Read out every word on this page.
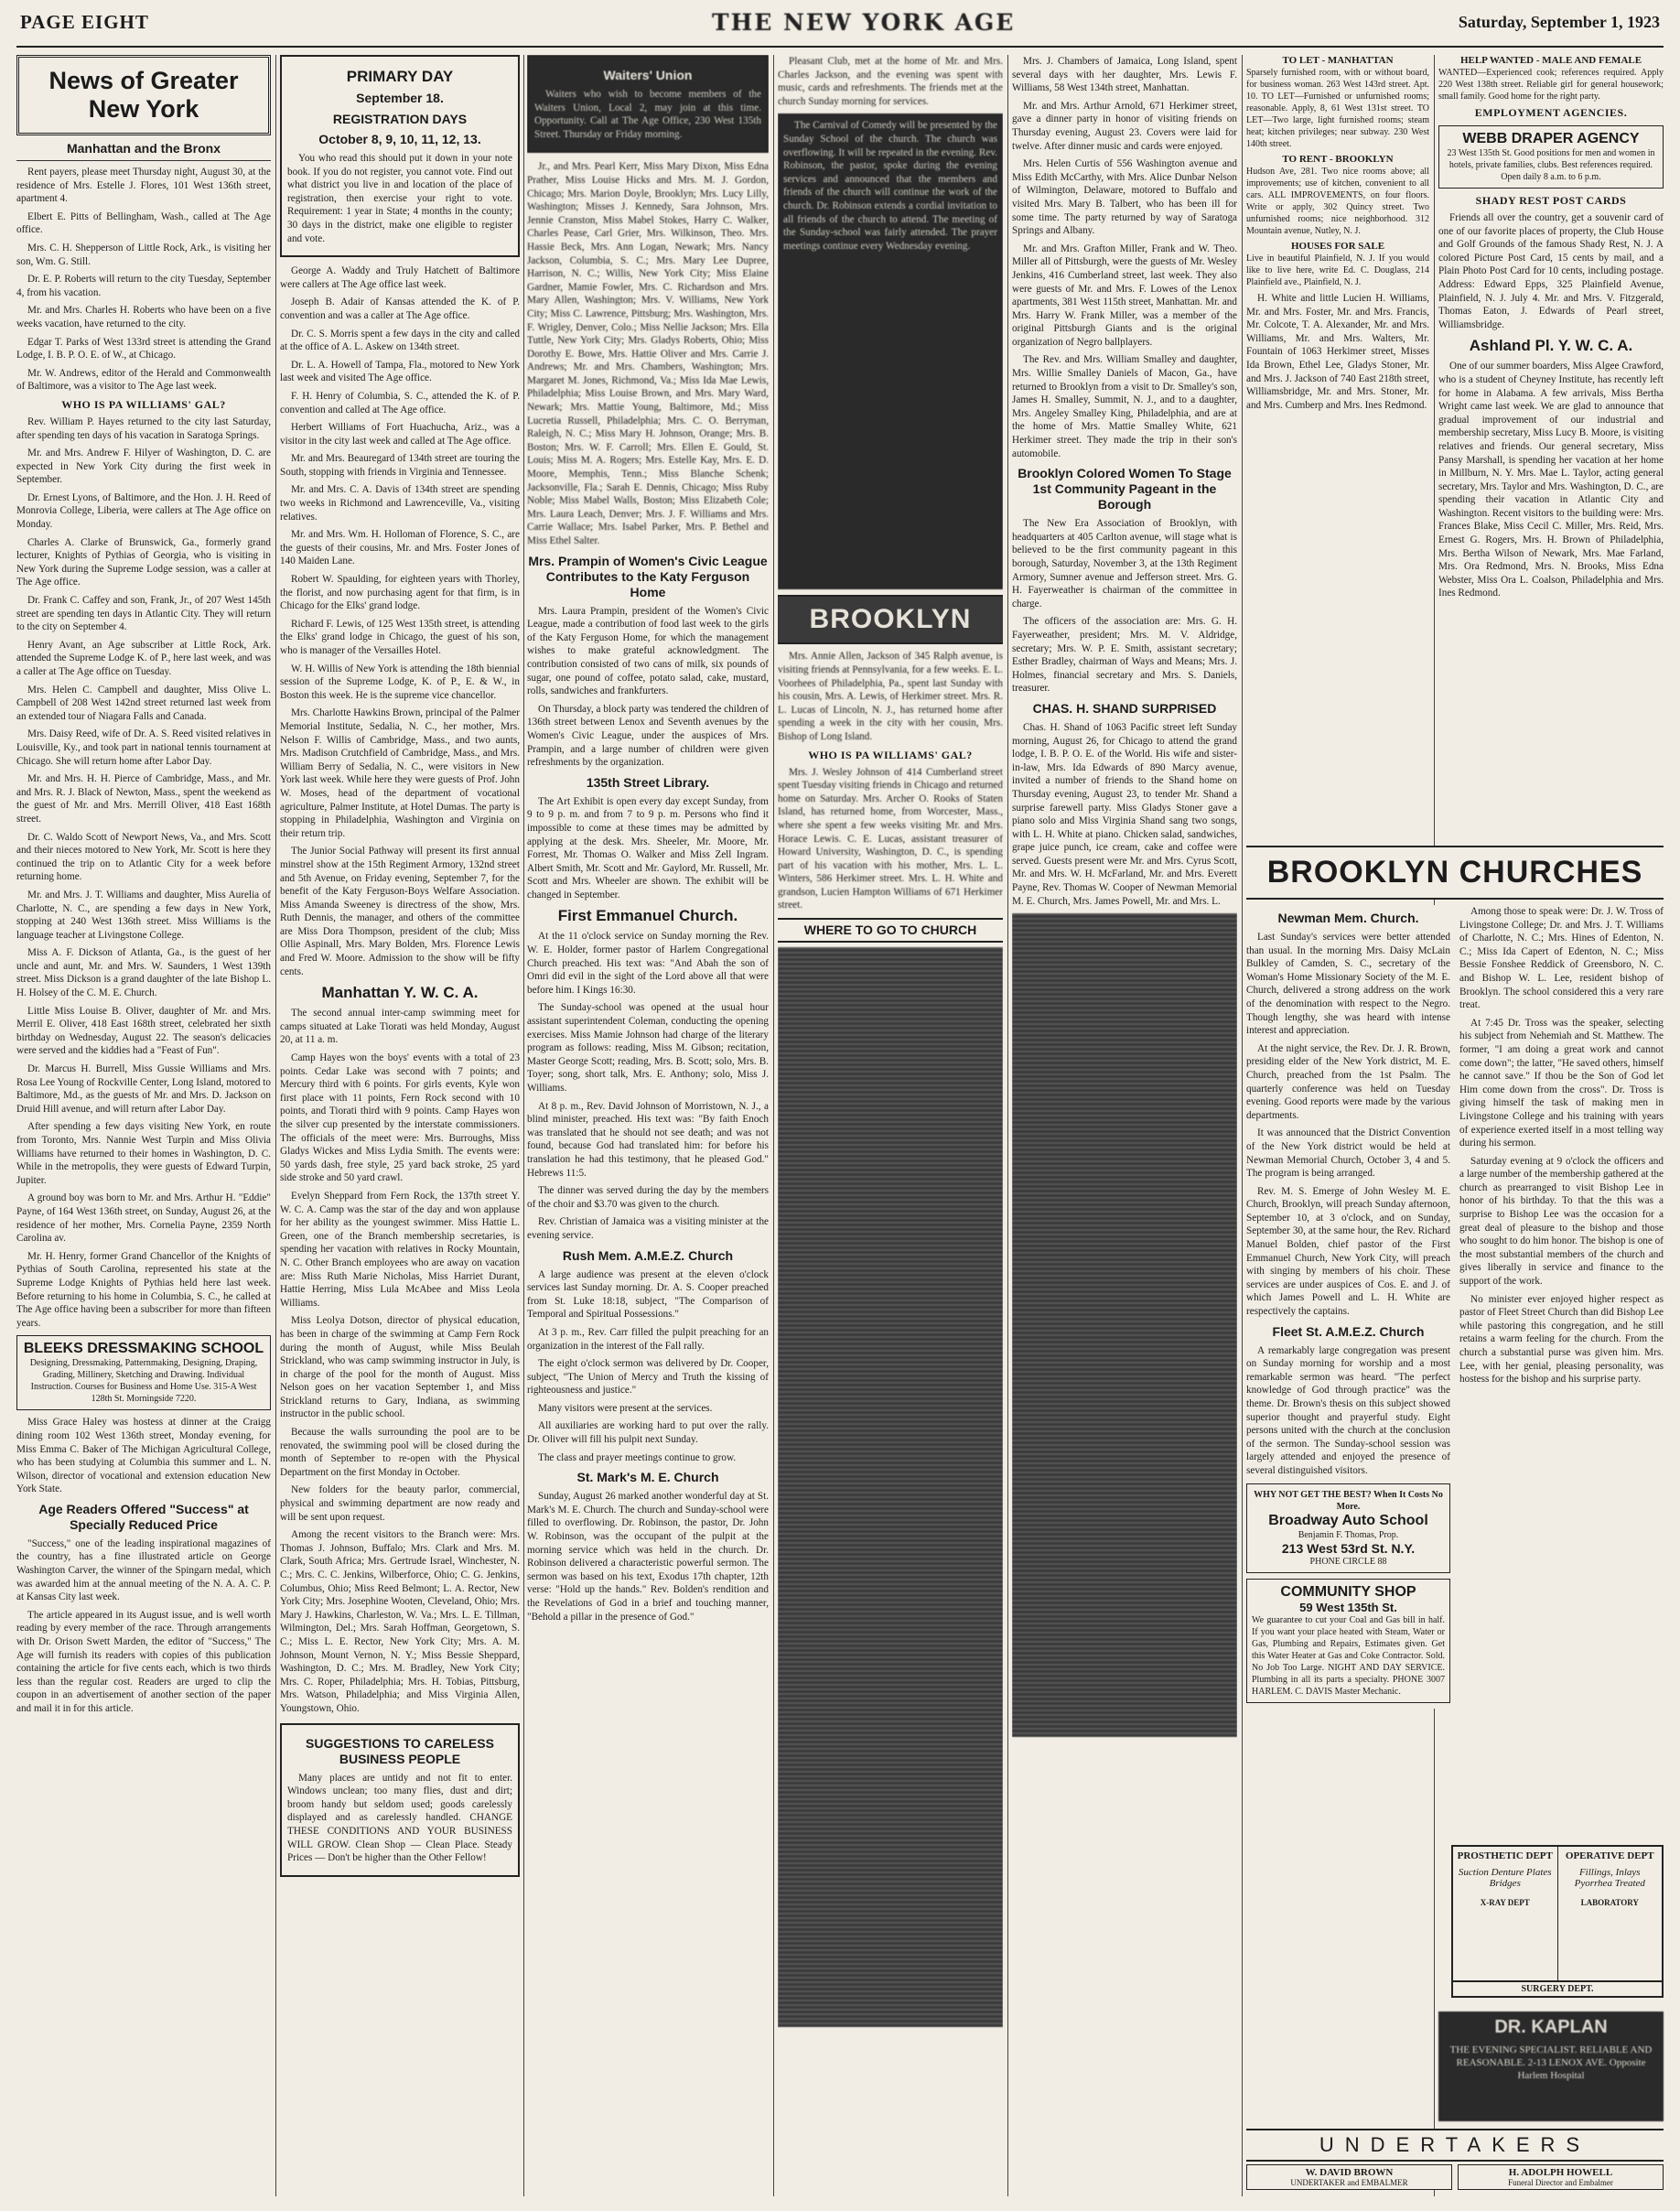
PAGE EIGHT	THE NEW YORK AGE	Saturday, September 1, 1923
News of Greater New York
Manhattan and the Bronx

Rent payers, please meet Thursday night, August 30, at the residence of Mrs. Estelle J. Flores, 101 West 136th street, apartment 4.

Elbert E. Pitts of Bellingham, Wash., called at The Age office.

Mrs. C. H. Shepperson of Little Rock, Ark., is visiting her son, Wm. G. Still.

Dr. E. P. Roberts will return to the city Tuesday, September 4, from his vacation.

Mr. and Mrs. Charles H. Roberts who have been on a five weeks vacation, have returned to the city.

Edgar T. Parks of West 133rd street is attending the Grand Lodge, I. B. P. O. E. of W., at Chicago.

Mr. W. Andrews, editor of the Herald and Commonwealth of Baltimore, was a visitor to The Age last week.

WHO IS PA WILLIAMS' GAL?

Rev. William P. Hayes returned to the city last Saturday, after spending ten days of his vacation in Saratoga Springs.

Mr. and Mrs. Andrew F. Hilyer of Washington, D. C. are expected in New York City during the first week in September.

Dr. Ernest Lyons, of Baltimore, and the Hon. J. H. Reed of Monrovia College, Liberia, were callers at The Age office on Monday.

Charles A. Clarke of Brunswick, Ga., formerly grand lecturer, Knights of Pythias of Georgia, who is visiting in New York during the Supreme Lodge session, was a caller at The Age office.

Dr. Frank C. Caffey and son, Frank, Jr., of 207 West 145th street are spending ten days in Atlantic City. They will return to the city on September 4.

Henry Avant, an Age subscriber at Little Rock, Ark. attended the Supreme Lodge K. of P., here last week, and was a caller at The Age office on Tuesday.

Mrs. Helen C. Campbell and daughter, Miss Olive L. Campbell of 208 West 142nd street returned last week from an extended tour of Niagara Falls and Canada.

Mrs. Daisy Reed, wife of Dr. A. S. Reed visited relatives in Louisville, Ky., and took part in national tennis tournament at Chicago. She will return home after Labor Day.

Mr. and Mrs. H. H. Pierce of Cambridge, Mass., and Mr. and Mrs. R. J. Black of Newton, Mass., spent the weekend as the guest of Mr. and Mrs. Merrill Oliver, 418 East 168th street.

Dr. C. Waldo Scott of Newport News, Va., and Mrs. Scott and their nieces motored to New York, Mr. Scott is here they continued the trip on to Atlantic City for a week before returning home.

Mr. and Mrs. J. T. Williams and daughter, Miss Aurelia of Charlotte, N. C., are spending a few days in New York, stopping at 240 West 136th street. Miss Williams is the language teacher at Livingstone College.

Miss A. F. Dickson of Atlanta, Ga., is the guest of her uncle and aunt, Mr. and Mrs. W. Saunders, 1 West 139th street. Miss Dickson is a grand daughter of the late Bishop L. H. Holsey of the C. M. E. Church.

Little Miss Louise B. Oliver, daughter of Mr. and Mrs. Merril E. Oliver, 418 East 168th street, celebrated her sixth birthday on Wednesday, August 22. The season's delicacies were served and the kiddies had a "Feast of Fun".

Dr. Marcus H. Burrell, Miss Gussie Williams and Mrs. Rosa Lee Young of Rockville Center, Long Island, motored to Baltimore, Md., as the guests of Mr. and Mrs. D. Jackson on Druid Hill avenue, and will return after Labor Day.

After spending a few days visiting New York, en route from Toronto, Mrs. Nannie West Turpin and Miss Olivia Williams have returned to their homes in Washington, D. C. While in the metropolis, they were guests of Edward Turpin, Jupiter.

A ground boy was born to Mr. and Mrs. Arthur H. "Eddie" Payne, of 164 West 136th street, on Sunday, August 26, at the residence of her mother, Mrs. Cornelia Payne, 2359 North Carolina av.

Mr. H. Henry, former Grand Chancellor of the Knights of Pythias of South Carolina, represented his state at the Supreme Lodge Knights of Pythias held here last week. Before returning to his home in Columbia, S. C., he called at The Age office having been a subscriber for more than fifteen years.

BLEEKS DRESSMAKING SCHOOL
Designing, Dressmaking, Patternmaking, Designing, Draping, Grading, Millinery, Sketching and Drawing. Individual Instruction. Courses for Business and Home Use. 315-A West 128th St. Morningside 7220.

Miss Grace Haley was hostess at dinner at the Craigg dining room 102 West 136th street, Monday evening, for Miss Emma C. Baker of The Michigan Agricultural College, who has been studying at Columbia this summer and L. N. Wilson, director of vocational and extension education New York State.

Age Readers Offered "Success" at Specially Reduced Price

"Success," one of the leading inspirational magazines of the country, has a fine illustrated article on George Washington Carver, the winner of the Spingarn medal, which was awarded him at the annual meeting of the N. A. A. C. P. at Kansas City last week.

The article appeared in its August issue, and is well worth reading by every member of the race. Through arrangements with Dr. Orison Swett Marden, the editor of "Success," The Age will furnish its readers with copies of this publication containing the article for five cents each, which is two thirds less than the regular cost. Readers are urged to clip the coupon in an advertisement of another section of the paper and mail it in for this article.

PRIMARY DAY
September 18.
REGISTRATION DAYS
October 8, 9, 10, 11, 12, 13.

You who read this should put it down in your note book. If you do not register, you cannot vote. Find out what district you live in and location of the place of registration, then exercise your right to vote. Requirement: 1 year in State; 4 months in the county; 30 days in the district, make one eligible to register and vote.

George A. Waddy and Truly Hatchett of Baltimore were callers at The Age office last week.

Joseph B. Adair of Kansas attended the K. of P. convention and was a caller at The Age office.

Dr. C. S. Morris spent a few days in the city and called at the office of A. L. Askew on 134th street.

Dr. L. A. Howell of Tampa, Fla., motored to New York last week and visited The Age office.

F. H. Henry of Columbia, S. C., attended the K. of P. convention and called at The Age office.

Herbert Williams of Fort Huachucha, Ariz., was a visitor in the city last week and called at The Age office.

Mr. and Mrs. Beauregard of 134th street are touring the South, stopping with friends in Virginia and Tennessee.

Mr. and Mrs. C. A. Davis of 134th street are spending two weeks in Richmond and Lawrenceville, Va., visiting relatives.

Mr. and Mrs. Wm. H. Holloman of Florence, S. C., are the guests of their cousins, Mr. and Mrs. Foster Jones of 140 Maiden Lane.

Robert W. Spaulding, for eighteen years with Thorley, the florist, and now purchasing agent for that firm, is in Chicago for the Elks' grand lodge.

Richard F. Lewis, of 125 West 135th street, is attending the Elks' grand lodge in Chicago, the guest of his son, who is manager of the Versailles Hotel.

W. H. Willis of New York is attending the 18th biennial session of the Supreme Lodge, K. of P., E. & W., in Boston this week. He is the supreme vice chancellor.

Mrs. Charlotte Hawkins Brown, principal of the Palmer Memorial Institute, Sedalia, N. C., her mother, Mrs. Nelson F. Willis of Cambridge, Mass., and two aunts, Mrs. Madison Crutchfield of Cambridge, Mass., and Mrs. William Berry of Sedalia, N. C., were visitors in New York last week. While here they were guests of Prof. John W. Moses, head of the department of vocational agriculture, Palmer Institute, at Hotel Dumas. The party is stopping in Philadelphia, Washington and Virginia on their return trip.

The Junior Social Pathway will present its first annual minstrel show at the 15th Regiment Armory, 132nd street and 5th Avenue, on Friday evening, September 7, for the benefit of the Katy Ferguson-Boys Welfare Association. Miss Amanda Sweeney is directress of the show, Mrs. Ruth Dennis, the manager, and others of the committee are Miss Dora Thompson, president of the club; Miss Ollie Aspinall, Mrs. Mary Bolden, Mrs. Florence Lewis and Fred W. Moore. Admission to the show will be fifty cents.

Manhattan Y. W. C. A.

The second annual inter-camp swimming meet for camps situated at Lake Tiorati was held Monday, August 20, at 11 a. m.

Camp Hayes won the boys' events with a total of 23 points. Cedar Lake was second with 7 points; and Mercury third with 6 points. For girls events, Kyle won first place with 11 points, Fern Rock second with 10 points, and Tiorati third with 9 points. Camp Hayes won the silver cup presented by the interstate commissioners. The officials of the meet were: Mrs. Burroughs, Miss Gladys Wickes and Miss Lydia Smith. The events were: 50 yards dash, free style, 25 yard back stroke, 25 yard side stroke and 50 yard crawl.

Evelyn Sheppard from Fern Rock, the 137th street Y. W. C. A. Camp was the star of the day and won applause for her ability as the youngest swimmer. Miss Hattie L. Green, one of the Branch membership secretaries, is spending her vacation with relatives in Rocky Mountain, N. C. Other Branch employees who are away on vacation are: Miss Ruth Marie Nicholas, Miss Harriet Durant, Hattie Herring, Miss Lula McAbee and Miss Leola Williams.

Miss Leolya Dotson, director of physical education, has been in charge of the swimming at Camp Fern Rock during the month of August, while Miss Beulah Strickland, who was camp swimming instructor in July, is in charge of the pool for the month of August. Miss Nelson goes on her vacation September 1, and Miss Strickland returns to Gary, Indiana, as swimming instructor in the public school.

Because the walls surrounding the pool are to be renovated, the swimming pool will be closed during the month of September to re-open with the Physical Department on the first Monday in October.

New folders for the beauty parlor, commercial, physical and swimming department are now ready and will be sent upon request.

Among the recent visitors to the Branch were: Mrs. Thomas J. Johnson, Buffalo; Mrs. Clark and Mrs. M. Clark, South Africa; Mrs. Gertrude Israel, Winchester, N. C.; Mrs. C. C. Jenkins, Wilberforce, Ohio; C. G. Jenkins, Columbus, Ohio; Miss Reed Belmont; L. A. Rector, New York City; Mrs. Josephine Wooten, Cleveland, Ohio; Mrs. Mary J. Hawkins, Charleston, W. Va.; Mrs. L. E. Tillman, Wilmington, Del.; Mrs. Sarah Hoffman, Georgetown, S. C.; Miss L. E. Rector, New York City; Mrs. A. M. Johnson, Mount Vernon, N. Y.; Miss Bessie Sheppard, Washington, D. C.; Mrs. M. Bradley, New York City; Mrs. C. Roper, Philadelphia; Mrs. H. Tobias, Pittsburg, Mrs. Watson, Philadelphia; and Miss Virginia Allen, Youngstown, Ohio.

SUGGESTIONS TO CARELESS BUSINESS PEOPLE

Many places are untidy and not fit to enter. Windows unclean; too many flies, dust and dirt; broom handy but seldom used; goods carelessly displayed and as carelessly handled. CHANGE THESE CONDITIONS AND YOUR BUSINESS WILL GROW. Clean Shop — Clean Place. Steady Prices — Don't be higher than the Other Fellow!

Waiters' Union

Waiters who wish to become members of the Waiters Union, Local 2, may join at this time. Opportunity. Call at The Age Office, 230 West 135th Street. Thursday or Friday morning.

Jr., and Mrs. Pearl Kerr, Miss Mary Dixon, Miss Edna Prather, Miss Louise Hicks and Mrs. M. J. Gordon, Chicago; Mrs. Marion Doyle, Brooklyn; Mrs. Lucy Lilly, Washington; Misses J. Kennedy, Sara Johnson, Mrs. Jennie Cranston, Miss Mabel Stokes, Harry C. Walker, Charles Pease, Carl Grier, Mrs. Wilkinson, Theo. Mrs. Hassie Beck, Mrs. Ann Logan, Newark; Mrs. Nancy Jackson, Columbia, S. C.; Mrs. Mary Lee Dupree, Harrison, N. C.; Willis, New York City; Miss Elaine Gardner, Mamie Fowler, Mrs. C. Richardson and Mrs. Mary Allen, Washington; Mrs. V. Williams, New York City; Miss C. Lawrence, Pittsburg; Mrs. Washington, Mrs. F. Wrigley, Denver, Colo.; Miss Nellie Jackson; Mrs. Ella Tuttle, New York City; Mrs. Gladys Roberts, Ohio; Miss Dorothy E. Bowe, Mrs. Hattie Oliver and Mrs. Carrie J. Andrews; Mr. and Mrs. Chambers, Washington; Mrs. Margaret M. Jones, Richmond, Va.; Miss Ida Mae Lewis, Philadelphia; Miss Louise Brown, and Mrs. Mary Ward, Newark; Mrs. Mattie Young, Baltimore, Md.; Miss Lucretia Russell, Philadelphia; Mrs. C. O. Berryman, Raleigh, N. C.; Miss Mary H. Johnson, Orange; Mrs. B. Boston; Mrs. W. F. Carroll; Mrs. Ellen E. Gould, St. Louis; Miss M. A. Rogers; Mrs. Estelle Kay, Mrs. E. D. Moore, Memphis, Tenn.; Miss Blanche Schenk; Jacksonville, Fla.; Sarah E. Dennis, Chicago; Miss Ruby Noble; Miss Mabel Walls, Boston; Miss Elizabeth Cole; Mrs. Laura Leach, Denver; Mrs. J. F. Williams and Mrs. Carrie Wallace; Mrs. Isabel Parker, Mrs. P. Bethel and Miss Ethel Salter.

Mrs. Prampin of Women's Civic League Contributes to the Katy Ferguson Home

Mrs. Laura Prampin, president of the Women's Civic League, made a contribution of food last week to the girls of the Katy Ferguson Home, for which the management wishes to make grateful acknowledgment. The contribution consisted of two cans of milk, six pounds of sugar, one pound of coffee, potato salad, cake, mustard, rolls, sandwiches and frankfurters.

On Thursday, a block party was tendered the children of 136th street between Lenox and Seventh avenues by the Women's Civic League, under the auspices of Mrs. Prampin, and a large number of children were given refreshments by the organization.

135th Street Library.

The Art Exhibit is open every day except Sunday, from 9 to 9 p. m. and from 7 to 9 p. m. Persons who find it impossible to come at these times may be admitted by applying at the desk. Mrs. Sheeler, Mr. Moore, Mr. Forrest, Mr. Thomas O. Walker and Miss Zell Ingram. Albert Smith, Mr. Scott and Mr. Gaylord, Mr. Russell, Mr. Scott and Mrs. Wheeler are shown. The exhibit will be changed in September.

First Emmanuel Church.

At the 11 o'clock service on Sunday morning the Rev. W. E. Holder, former pastor of Harlem Congregational Church preached. His text was: "And Abah the son of Omri did evil in the sight of the Lord above all that were before him. I Kings 16:30.

The Sunday-school was opened at the usual hour assistant superintendent Coleman, conducting the opening exercises. Miss Mamie Johnson had charge of the literary program as follows: reading, Miss M. Gibson; recitation, Master George Scott; reading, Mrs. B. Scott; solo, Mrs. B. Toyer; song, short talk, Mrs. E. Anthony; solo, Miss J. Williams.

At 8 p. m., Rev. David Johnson of Morristown, N. J., a blind minister, preached. His text was: "By faith Enoch was translated that he should not see death; and was not found, because God had translated him: for before his translation he had this testimony, that he pleased God." Hebrews 11:5.

The dinner was served during the day by the members of the choir and $3.70 was given to the church.

Rev. Christian of Jamaica was a visiting minister at the evening service.

Rush Mem. A.M.E.Z. Church

A large audience was present at the eleven o'clock services last Sunday morning. Dr. A. S. Cooper preached from St. Luke 18:18, subject, "The Comparison of Temporal and Spiritual Possessions."

At 3 p. m., Rev. Carr filled the pulpit preaching for an organization in the interest of the Fall rally.

The eight o'clock sermon was delivered by Dr. Cooper, subject, "The Union of Mercy and Truth the kissing of righteousness and justice."

Many visitors were present at the services.

All auxiliaries are working hard to put over the rally. Dr. Oliver will fill his pulpit next Sunday.

The class and prayer meetings continue to grow.

St. Mark's M. E. Church

Sunday, August 26 marked another wonderful day at St. Mark's M. E. Church. The church and Sunday-school were filled to overflowing. Dr. Robinson, the pastor, Dr. John W. Robinson, was the occupant of the pulpit at the morning service which was held in the church. Dr. Robinson delivered a characteristic powerful sermon. The sermon was based on his text, Exodus 17th chapter, 12th verse: "Hold up the hands." Rev. Bolden's rendition and the Revelations of God in a brief and touching manner, "Behold a pillar in the presence of God."

Pleasant Club, met at the home of Mr. and Mrs. Charles Jackson, and the evening was spent with music, cards and refreshments. The friends met at the church Sunday morning for services.

The Carnival of Comedy will be presented by the Sunday School of the church. The church was overflowing. It will be repeated in the evening. Rev. Robinson, the pastor, spoke during the evening services and announced that the members and friends of the church will continue the work of the church. Dr. Robinson extends a cordial invitation to all friends of the church to attend. The meeting of the Sunday-school was fairly attended. The prayer meetings continue every Wednesday evening.

BROOKLYN

Mrs. Annie Allen, Jackson of 345 Ralph avenue, is visiting friends at Pennsylvania, for a few weeks. E. L. Voorhees of Philadelphia, Pa., spent last Sunday with his cousin, Mrs. A. Lewis, of Herkimer street. Mrs. R. L. Lucas of Lincoln, N. J., has returned home after spending a week in the city with her cousin, Mrs. Bishop of Long Island.

WHO IS PA WILLIAMS' GAL?

Mrs. J. Wesley Johnson of 414 Cumberland street spent Tuesday visiting friends in Chicago and returned home on Saturday. Mrs. Archer O. Rooks of Staten Island, has returned home, from Worcester, Mass., where she spent a few weeks visiting Mr. and Mrs. Horace Lewis. C. E. Lucas, assistant treasurer of Howard University, Washington, D. C., is spending part of his vacation with his mother, Mrs. L. L. Winters, 586 Herkimer street. Mrs. L. H. White and grandson, Lucien Hampton Williams of 671 Herkimer street.

WHERE TO GO TO CHURCH

Mrs. J. Chambers of Jamaica, Long Island, spent several days with her daughter, Mrs. Lewis F. Williams, 58 West 134th street, Manhattan.

Mr. and Mrs. Arthur Arnold, 671 Herkimer street, gave a dinner party in honor of visiting friends on Thursday evening, August 23. Covers were laid for twelve. After dinner music and cards were enjoyed.

Mrs. Helen Curtis of 556 Washington avenue and Miss Edith McCarthy, with Mrs. Alice Dunbar Nelson of Wilmington, Delaware, motored to Buffalo and visited Mrs. Mary B. Talbert, who has been ill for some time. The party returned by way of Saratoga Springs and Albany.

Mr. and Mrs. Grafton Miller, Frank and W. Theo. Miller all of Pittsburgh, were the guests of Mr. Wesley Jenkins, 416 Cumberland street, last week. They also were guests of Mr. and Mrs. F. Lowes of the Lenox apartments, 381 West 115th street, Manhattan. Mr. and Mrs. Harry W. Frank Miller, was a member of the original Pittsburgh Giants and is the original organization of Negro ballplayers.

The Rev. and Mrs. William Smalley and daughter, Mrs. Willie Smalley Daniels of Macon, Ga., have returned to Brooklyn from a visit to Dr. Smalley's son, James H. Smalley, Summit, N. J., and to a daughter, Mrs. Angeley Smalley King, Philadelphia, and are at the home of Mrs. Mattie Smalley White, 621 Herkimer street. They made the trip in their son's automobile.

Brooklyn Colored Women To Stage 1st Community Pageant in the Borough

The New Era Association of Brooklyn, with headquarters at 405 Carlton avenue, will stage what is believed to be the first community pageant in this borough, Saturday, November 3, at the 13th Regiment Armory, Sumner avenue and Jefferson street. Mrs. G. H. Fayerweather is chairman of the committee in charge.

The officers of the association are: Mrs. G. H. Fayerweather, president; Mrs. M. V. Aldridge, secretary; Mrs. W. P. E. Smith, assistant secretary; Esther Bradley, chairman of Ways and Means; Mrs. J. Holmes, financial secretary and Mrs. S. Daniels, treasurer.

CHAS. H. SHAND SURPRISED

Chas. H. Shand of 1063 Pacific street left Sunday morning, August 26, for Chicago to attend the grand lodge, I. B. P. O. E. of the World. His wife and sister-in-law, Mrs. Ida Edwards of 890 Marcy avenue, invited a number of friends to the Shand home on Thursday evening, August 23, to tender Mr. Shand a surprise farewell party. Miss Gladys Stoner gave a piano solo and Miss Virginia Shand sang two songs, with L. H. White at piano. Chicken salad, sandwiches, grape juice punch, ice cream, cake and coffee were served. Guests present were Mr. and Mrs. Cyrus Scott, Mr. and Mrs. W. H. McFarland, Mr. and Mrs. Everett Payne, Rev. Thomas W. Cooper of Newman Memorial M. E. Church, Mrs. James Powell, Mr. and Mrs. L.

TO LET - MANHATTAN

Sparsely furnished room, with or without board, for business woman. 263 West 143rd street. Apt. 10. TO LET—Furnished or unfurnished rooms; reasonable. Apply, 8, 61 West 131st street. TO LET—Two large, light furnished rooms; steam heat; kitchen privileges; near subway. 230 West 140th street.

TO RENT - BROOKLYN

Hudson Ave, 281. Two nice rooms above; all improvements; use of kitchen, convenient to all cars. ALL IMPROVEMENTS, on four floors. Write or apply, 302 Quincy street. Two unfurnished rooms; nice neighborhood. 312 Mountain avenue, Nutley, N. J.

HOUSES FOR SALE

Live in beautiful Plainfield, N. J. If you would like to live here, write Ed. C. Douglass, 214 Plainfield ave., Plainfield, N. J.

H. White and little Lucien H. Williams, Mr. and Mrs. Foster, Mr. and Mrs. Francis, Mr. Colcote, T. A. Alexander, Mr. and Mrs. Williams, Mr. and Mrs. Walters, Mr. Fountain of 1063 Herkimer street, Misses Ida Brown, Ethel Lee, Gladys Stoner, Mr. and Mrs. J. Jackson of 740 East 218th street, Williamsbridge, Mr. and Mrs. Stoner, Mr. and Mrs. Cumberp and Mrs. Ines Redmond.

HELP WANTED - MALE AND FEMALE

WANTED—Experienced cook; references required. Apply 220 West 138th street. Reliable girl for general housework; small family. Good home for the right party.

EMPLOYMENT AGENCIES.
WEBB DRAPER AGENCY
23 West 135th St. Good positions for men and women in hotels, private families, clubs. Best references required. Open daily 8 a.m. to 6 p.m.
SHADY REST POST CARDS

Friends all over the country, get a souvenir card of one of our favorite places of property, the Club House and Golf Grounds of the famous Shady Rest, N. J. A colored Picture Post Card, 15 cents by mail, and a Plain Photo Post Card for 10 cents, including postage. Address: Edward Epps, 325 Plainfield Avenue, Plainfield, N. J. July 4. Mr. and Mrs. V. Fitzgerald, Thomas Eaton, J. Edwards of Pearl street, Williamsbridge.

Ashland Pl. Y. W. C. A.

One of our summer boarders, Miss Algee Crawford, who is a student of Cheyney Institute, has recently left for home in Alabama. A few arrivals, Miss Bertha Wright came last week. We are glad to announce that gradual improvement of our industrial and membership secretary, Miss Lucy B. Moore, is visiting relatives and friends. Our general secretary, Miss Pansy Marshall, is spending her vacation at her home in Millburn, N. Y. Mrs. Mae L. Taylor, acting general secretary, Mrs. Taylor and Mrs. Washington, D. C., are spending their vacation in Atlantic City and Washington. Recent visitors to the building were: Mrs. Frances Blake, Miss Cecil C. Miller, Mrs. Reid, Mrs. Ernest G. Rogers, Mrs. H. Brown of Philadelphia, Mrs. Bertha Wilson of Newark, Mrs. Mae Farland, Mrs. Ora Redmond, Mrs. N. Brooks, Miss Edna Webster, Miss Ora L. Coalson, Philadelphia and Mrs. Ines Redmond.

BROOKLYN CHURCHES
Newman Mem. Church.

Last Sunday's services were better attended than usual. In the morning Mrs. Daisy McLain Bulkley of Camden, S. C., secretary of the Woman's Home Missionary Society of the M. E. Church, delivered a strong address on the work of the denomination with respect to the Negro. Though lengthy, she was heard with intense interest and appreciation.

At the night service, the Rev. Dr. J. R. Brown, presiding elder of the New York district, M. E. Church, preached from the 1st Psalm. The quarterly conference was held on Tuesday evening. Good reports were made by the various departments.

It was announced that the District Convention of the New York district would be held at Newman Memorial Church, October 3, 4 and 5. The program is being arranged.

Rev. M. S. Emerge of John Wesley M. E. Church, Brooklyn, will preach Sunday afternoon, September 10, at 3 o'clock, and on Sunday, September 30, at the same hour, the Rev. Richard Manuel Bolden, chief pastor of the First Emmanuel Church, New York City, will preach with singing by members of his choir. These services are under auspices of Cos. E. and J. of which James Powell and L. H. White are respectively the captains.

Fleet St. A.M.E.Z. Church

A remarkably large congregation was present on Sunday morning for worship and a most remarkable sermon was heard. "The perfect knowledge of God through practice" was the theme. Dr. Brown's thesis on this subject showed superior thought and prayerful study. Eight persons united with the church at the conclusion of the sermon. The Sunday-school session was largely attended and enjoyed the presence of several distinguished visitors.

WHY NOT GET THE BEST? When It Costs No More.
Broadway Auto School
Benjamin F. Thomas, Prop.
213 West 53rd St. N.Y.
PHONE CIRCLE 88
COMMUNITY SHOP
59 West 135th St.
We guarantee to cut your Coal and Gas bill in half. If you want your place heated with Steam, Water or Gas, Plumbing and Repairs, Estimates given. Get this Water Heater at Gas and Coke Contractor. Sold. No Job Too Large. NIGHT AND DAY SERVICE. Plumbing in all its parts a specialty. PHONE 3007 HARLEM. C. DAVIS Master Mechanic.

Among those to speak were: Dr. J. W. Tross of Livingstone College; Dr. and Mrs. J. T. Williams of Charlotte, N. C.; Mrs. Hines of Edenton, N. C.; Miss Ida Capert of Edenton, N. C.; Miss Bessie Fonshee Reddick of Greensboro, N. C. and Bishop W. L. Lee, resident bishop of Brooklyn. The school considered this a very rare treat.

At 7:45 Dr. Tross was the speaker, selecting his subject from Nehemiah and St. Matthew. The former, "I am doing a great work and cannot come down"; the latter, "He saved others, himself he cannot save." If thou be the Son of God let Him come down from the cross". Dr. Tross is giving himself the task of making men in Livingstone College and his training with years of experience exerted itself in a most telling way during his sermon.

Saturday evening at 9 o'clock the officers and a large number of the membership gathered at the church as prearranged to visit Bishop Lee in honor of his birthday. To that the this was a surprise to Bishop Lee was the occasion for a great deal of pleasure to the bishop and those who sought to do him honor. The bishop is one of the most substantial members of the church and gives liberally in service and finance to the support of the work.

No minister ever enjoyed higher respect as pastor of Fleet Street Church than did Bishop Lee while pastoring this congregation, and he still retains a warm feeling for the church. From the church a substantial purse was given him. Mrs. Lee, with her genial, pleasing personality, was hostess for the bishop and his surprise party.

PROSTHETIC DEPT
Suction Denture Plates Bridges
X-RAY DEPT
OPERATIVE DEPT
Fillings, Inlays Pyorrhea Treated
LABORATORY
SURGERY DEPT.
DR. KAPLAN
THE EVENING SPECIALIST. RELIABLE AND REASONABLE. 2-13 LENOX AVE. Opposite Harlem Hospital
UNDERTAKERS
W. DAVID BROWN
UNDERTAKER and EMBALMER
H. ADOLPH HOWELL
Funeral Director and Embalmer
